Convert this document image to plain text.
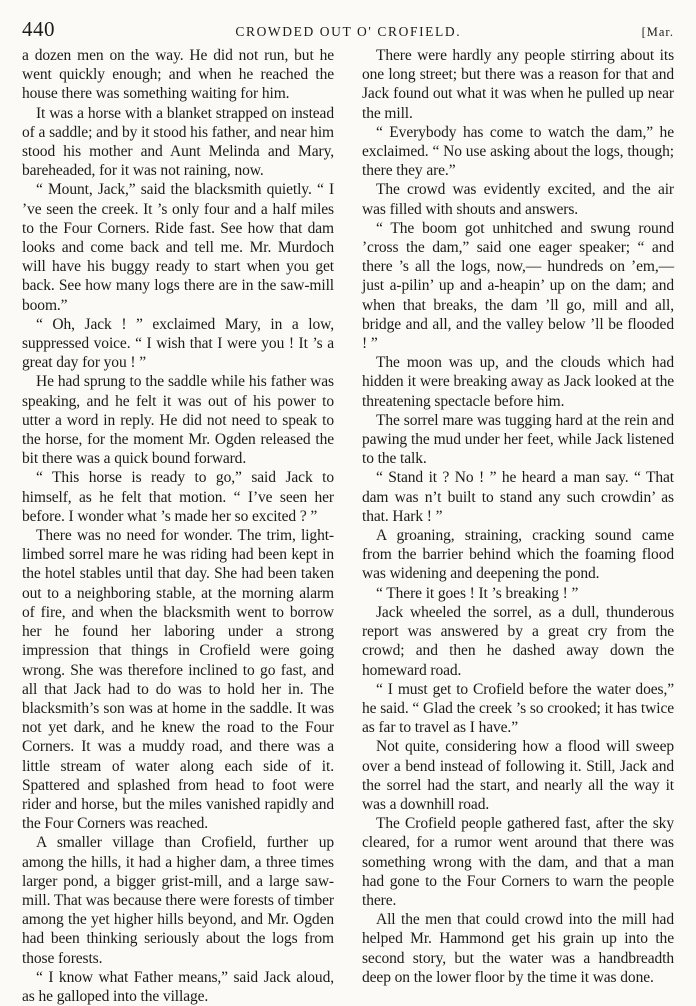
440	CROWDED OUT O' CROFIELD.	[Mar.

a dozen men on the way. He did not run, but he went quickly enough; and when he reached the house there was something waiting for him.

It was a horse with a blanket strapped on instead of a saddle; and by it stood his father, and near him stood his mother and Aunt Melinda and Mary, bareheaded, for it was not raining, now.

“ Mount, Jack,” said the blacksmith quietly. “ I ’ve seen the creek. It ’s only four and a half miles to the Four Corners. Ride fast. See how that dam looks and come back and tell me. Mr. Murdoch will have his buggy ready to start when you get back. See how many logs there are in the saw-mill boom.”

“ Oh, Jack ! ” exclaimed Mary, in a low, suppressed voice. “ I wish that I were you ! It ’s a great day for you ! ”

He had sprung to the saddle while his father was speaking, and he felt it was out of his power to utter a word in reply. He did not need to speak to the horse, for the moment Mr. Ogden released the bit there was a quick bound forward.

“ This horse is ready to go,” said Jack to himself, as he felt that motion. “ I’ve seen her before. I wonder what ’s made her so excited ? ”

There was no need for wonder. The trim, light-limbed sorrel mare he was riding had been kept in the hotel stables until that day. She had been taken out to a neighboring stable, at the morning alarm of fire, and when the blacksmith went to borrow her he found her laboring under a strong impression that things in Crofield were going wrong. She was therefore inclined to go fast, and all that Jack had to do was to hold her in. The blacksmith’s son was at home in the saddle. It was not yet dark, and he knew the road to the Four Corners. It was a muddy road, and there was a little stream of water along each side of it. Spattered and splashed from head to foot were rider and horse, but the miles vanished rapidly and the Four Corners was reached.

A smaller village than Crofield, further up among the hills, it had a higher dam, a three times larger pond, a bigger grist-mill, and a large saw-mill. That was because there were forests of timber among the yet higher hills beyond, and Mr. Ogden had been thinking seriously about the logs from those forests.

“ I know what Father means,” said Jack aloud, as he galloped into the village.

There were hardly any people stirring about its one long street; but there was a reason for that and Jack found out what it was when he pulled up near the mill.

“ Everybody has come to watch the dam,” he exclaimed. “ No use asking about the logs, though; there they are.”

The crowd was evidently excited, and the air was filled with shouts and answers.

“ The boom got unhitched and swung round ’cross the dam,” said one eager speaker; “ and there ’s all the logs, now,— hundreds on ’em,— just a-pilin’ up and a-heapin’ up on the dam; and when that breaks, the dam ’ll go, mill and all, bridge and all, and the valley below ’ll be flooded ! ”

The moon was up, and the clouds which had hidden it were breaking away as Jack looked at the threatening spectacle before him.

The sorrel mare was tugging hard at the rein and pawing the mud under her feet, while Jack listened to the talk.

“ Stand it ? No ! ” he heard a man say. “ That dam was n’t built to stand any such crowdin’ as that. Hark ! ”

A groaning, straining, cracking sound came from the barrier behind which the foaming flood was widening and deepening the pond.

“ There it goes ! It ’s breaking ! ”

Jack wheeled the sorrel, as a dull, thunderous report was answered by a great cry from the crowd; and then he dashed away down the homeward road.

“ I must get to Crofield before the water does,” he said. “ Glad the creek ’s so crooked; it has twice as far to travel as I have.”

Not quite, considering how a flood will sweep over a bend instead of following it. Still, Jack and the sorrel had the start, and nearly all the way it was a downhill road.

The Crofield people gathered fast, after the sky cleared, for a rumor went around that there was something wrong with the dam, and that a man had gone to the Four Corners to warn the people there.

All the men that could crowd into the mill had helped Mr. Hammond get his grain up into the second story, but the water was a handbreadth deep on the lower floor by the time it was done.
